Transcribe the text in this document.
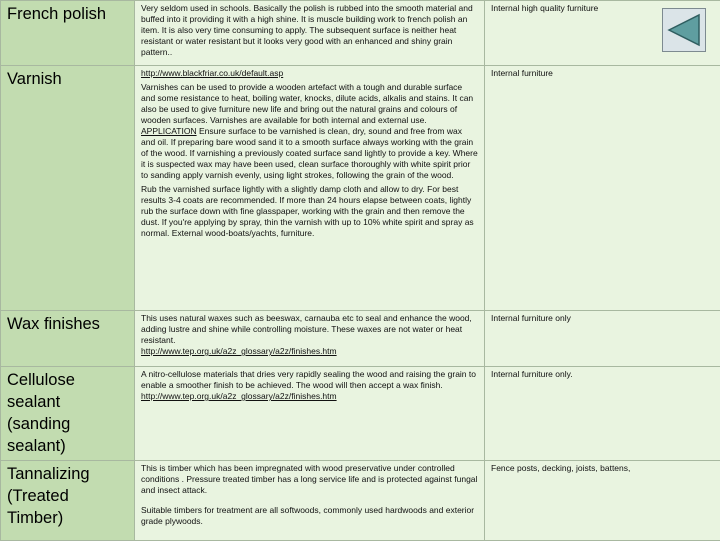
French polish	Very seldom used in schools. Basically the polish is rubbed into the smooth material and buffed into it providing it with a high shine. It is muscle building work to french polish an item. It is also very time consuming to apply. The subsequent surface is neither heat resistant or water resistant but it looks very good with an enhanced and shiny grain pattern..	Internal high quality furniture

Varnish	http://www.blackfriar.co.uk/default.asp
Varnishes can be used to provide a wooden artefact with a tough and durable surface and some resistance to heat, boiling water, knocks, dilute acids, alkalis and stains. It can also be used to give furniture new life and bring out the natural grains and colours of wooden surfaces. Varnishes are available for both internal and external use.
APPLICATION Ensure surface to be varnished is clean, dry, sound and free from wax and oil. If preparing bare wood sand it to a smooth surface always working with the grain of the wood. If varnishing a previously coated surface sand lightly to provide a key. Where it is suspected wax may have been used, clean surface thoroughly with white spirit prior to sanding apply varnish evenly, using light strokes, following the grain of the wood.
Rub the varnished surface lightly with a slightly damp cloth and allow to dry. For best results 3-4 coats are recommended. If more than 24 hours elapse between coats, lightly rub the surface down with fine glasspaper, working with the grain and then remove the dust. If you're applying by spray, thin the varnish with up to 10% white spirit and spray as normal. External wood-boats/yachts, furniture.	Internal furniture

Wax finishes	This uses natural waxes such as beeswax, carnauba etc to seal and enhance the wood, adding lustre and shine while controlling moisture. These waxes are not water or heat resistant.
http://www.tep.org.uk/a2z_glossary/a2z/finishes.htm	Internal furniture only

Cellulose sealant (sanding sealant)	A nitro-cellulose materials that dries very rapidly sealing the wood and raising the grain to enable a smoother finish to be achieved. The wood will then accept a wax finish.
http://www.tep.org.uk/a2z_glossary/a2z/finishes.htm	Internal furniture only.

Tannalizing (Treated Timber)	This is timber which has been impregnated with wood preservative under controlled conditions . Pressure treated timber has a long service life and is protected against fungal and insect attack.
Suitable timbers for treatment are all softwoods, commonly used hardwoods and exterior grade plywoods.	Fence posts, decking, joists, battens,
